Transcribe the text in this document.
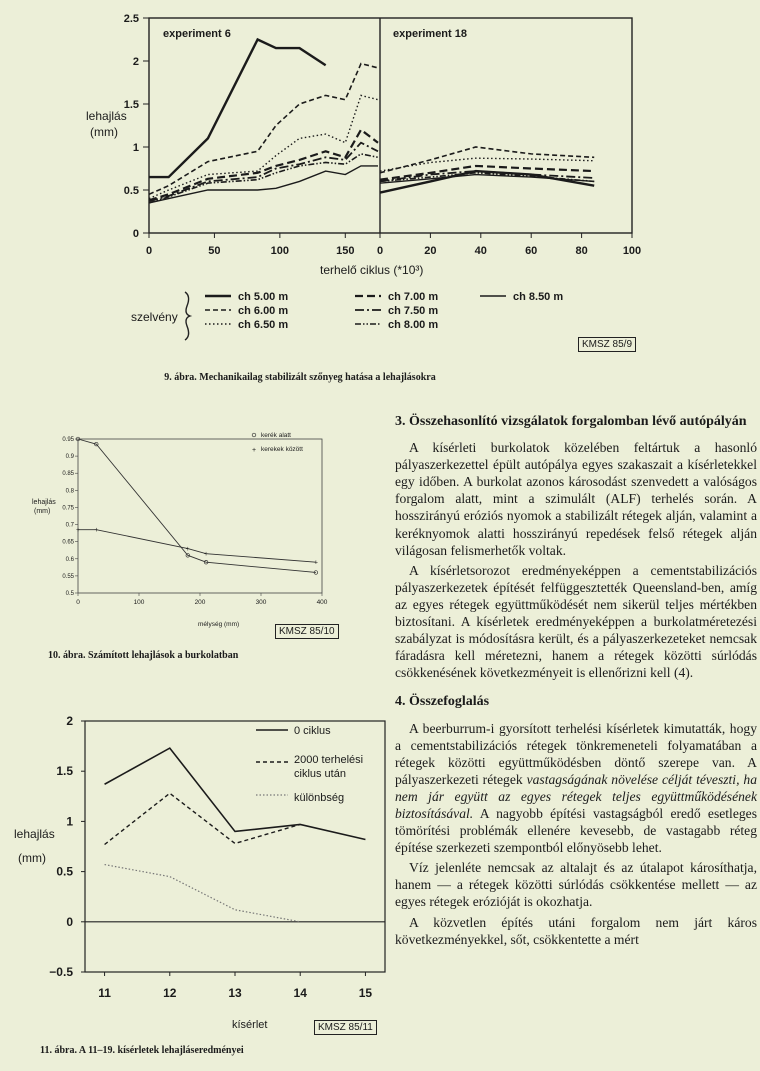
0
0.5
1
1.5
2
2.5
0	50	100	150 0	20	40	60	80	100
experiment 6	experiment 18
lehajlás (mm)
terhelő ciklus (*10³)
szelvény
ch 5.00 m
ch 6.00 m
ch 6.50 m
ch 7.00 m
ch 7.50 m
ch 8.00 m
ch 8.50 m
KMSZ 85/9
9. ábra. Mechanikailag stabilizált szőnyeg hatása a lehajlásokra
0.5
0.55
0.6
0.65
0.7
0.75
0.8
0.85
0.9
0.95
0	100	200	300	400
+ +
+
+
+
lehajlás (mm)
mélység (mm)
kerék alatt
+ kerekek között
KMSZ 85/10
10. ábra. Számított lehajlások a burkolatban
−0.5
0
0.5
1
1.5
2
11	12	13	14	15
lehajlás (mm)
kísérlet
0 ciklus
2000 terhelési
ciklus után
különbség
KMSZ 85/11
11. ábra. A 11–19. kísérletek lehajláseredményei
3. Összehasonlító vizsgálatok forgalomban lévő autópályán

A kísérleti burkolatok közelében feltártuk a hasonló pályaszerkezettel épült autópálya egyes szakaszait a kísérletekkel egy időben. A burkolat azonos károsodást szenvedett a valóságos forgalom alatt, mint a szimulált (ALF) terhelés során. A hosszirányú eróziós nyomok a stabilizált rétegek alján, valamint a keréknyomok alatti hosszirányú repedések felső rétegek alján világosan felismerhetők voltak.

A kísérletsorozot eredményeképpen a cementstabilizációs pályaszerkezetek építését felfüggesztették Queensland-ben, amíg az egyes rétegek együttműködését nem sikerül teljes mértékben biztosítani. A kísérletek eredményeképpen a burkolatméretezési szabályzat is módosításra került, és a pályaszerkezeteket nemcsak fáradásra kell méretezni, hanem a rétegek közötti súrlódás csökkenésének következményeit is ellenőrizni kell (4).

4. Összefoglalás

A beerburrum-i gyorsított terhelési kísérletek kimutatták, hogy a cementstabilizációs rétegek tönkremeneteli folyamatában a rétegek közötti együttműködésben döntő szerepe van. A pályaszerkezeti rétegek vastagságának növelése célját téveszti, ha nem jár együtt az egyes rétegek teljes együttműködésének biztosításával. A nagyobb építési vastagságból eredő esetleges tömörítési problémák ellenére kevesebb, de vastagabb réteg építése szerkezeti szempontból előnyösebb lehet.

Víz jelenléte nemcsak az altalajt és az útalapot károsíthatja, hanem — a rétegek közötti súrlódás csökkentése mellett — az egyes rétegek erózióját is okozhatja.

A közvetlen építés utáni forgalom nem járt káros következményekkel, sőt, csökkentette a mért
